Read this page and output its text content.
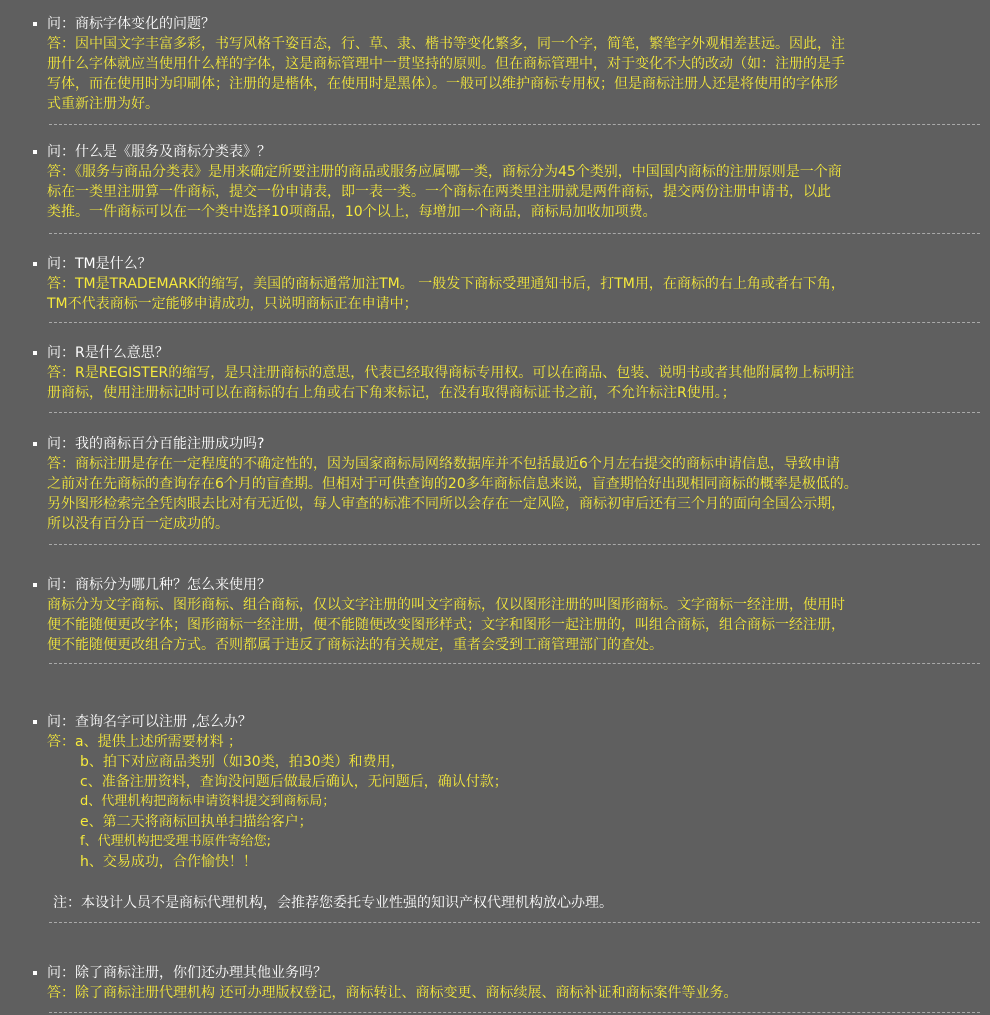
问：商标字体变化的问题？
答：因中国文字丰富多彩，书写风格千姿百态，行、草、隶、楷书等变化繁多，同一个字，简笔，繁笔字外观相差甚远。因此，注
册什么字体就应当使用什么样的字体，这是商标管理中一贯坚持的原则。但在商标管理中，对于变化不大的改动（如：注册的是手
写体，而在使用时为印刷体；注册的是楷体，在使用时是黑体）。一般可以维护商标专用权；但是商标注册人还是将使用的字体形
式重新注册为好。
问：什么是《服务及商标分类表》？
答：《服务与商品分类表》是用来确定所要注册的商品或服务应属哪一类，商标分为45个类别，中国国内商标的注册原则是一个商
标在一类里注册算一件商标，提交一份申请表，即一表一类。一个商标在两类里注册就是两件商标，提交两份注册申请书，以此
类推。一件商标可以在一个类中选择10项商品，10个以上，每增加一个商品，商标局加收加项费。
问：TM是什么？
答：TM是TRADEMARK的缩写，美国的商标通常加注TM。 一般发下商标受理通知书后，打TM用，在商标的右上角或者右下角，
TM不代表商标一定能够申请成功，只说明商标正在申请中；
问：R是什么意思？
答：R是REGISTER的缩写，是只注册商标的意思，代表已经取得商标专用权。可以在商品、包装、说明书或者其他附属物上标明注
册商标，使用注册标记时可以在商标的右上角或右下角来标记，在没有取得商标证书之前，不允许标注R使用。；
问：我的商标百分百能注册成功吗?
答：商标注册是存在一定程度的不确定性的，因为国家商标局网络数据库并不包括最近6个月左右提交的商标申请信息，导致申请
之前对在先商标的查询存在6个月的盲查期。但相对于可供查询的20多年商标信息来说，盲查期恰好出现相同商标的概率是极低的。
另外图形检索完全凭肉眼去比对有无近似，每人审查的标准不同所以会存在一定风险，商标初审后还有三个月的面向全国公示期，
所以没有百分百一定成功的。
问：商标分为哪几种？怎么来使用？
商标分为文字商标、图形商标、组合商标，仅以文字注册的叫文字商标，仅以图形注册的叫图形商标。文字商标一经注册，使用时
便不能随便更改字体；图形商标一经注册，便不能随便改变图形样式；文字和图形一起注册的，叫组合商标，组合商标一经注册，
便不能随便更改组合方式。否则都属于违反了商标法的有关规定，重者会受到工商管理部门的查处。
问：查询名字可以注册 ,怎么办？
答：a、提供上述所需要材料 ；
b、拍下对应商品类别（如30类，拍30类）和费用，
c、准备注册资料，查询没问题后做最后确认，无问题后，确认付款；
d、代理机构把商标申请资料提交到商标局；
e、第二天将商标回执单扫描给客户；
f、代理机构把受理书原件寄给您;
h、交易成功，合作愉快！！
注：本设计人员不是商标代理机构，会推荐您委托专业性强的知识产权代理机构放心办理。
问：除了商标注册，你们还办理其他业务吗？
答：除了商标注册代理机构 还可办理版权登记，商标转让、商标变更、商标续展、商标补证和商标案件等业务。
